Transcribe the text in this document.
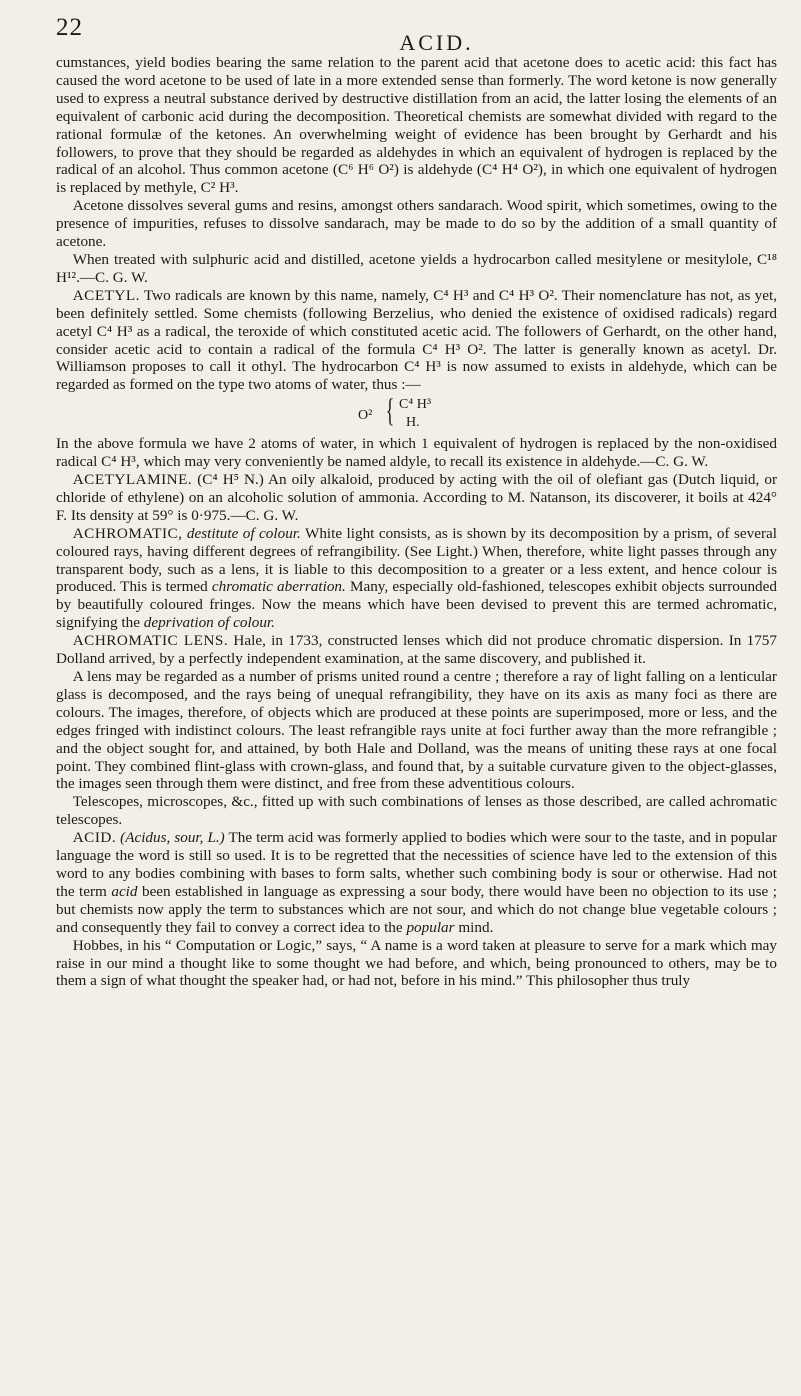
22
ACID.

cumstances, yield bodies bearing the same relation to the parent acid that acetone does to acetic acid: this fact has caused the word acetone to be used of late in a more extended sense than formerly. The word ketone is now generally used to express a neutral substance derived by destructive distillation from an acid, the latter losing the elements of an equivalent of carbonic acid during the decomposition. Theoretical chemists are somewhat divided with regard to the rational formulæ of the ketones. An overwhelming weight of evidence has been brought by Gerhardt and his followers, to prove that they should be regarded as aldehydes in which an equivalent of hydrogen is replaced by the radical of an alcohol. Thus common acetone (C⁶ H⁶ O²) is aldehyde (C⁴ H⁴ O²), in which one equivalent of hydrogen is replaced by methyle, C² H³.

Acetone dissolves several gums and resins, amongst others sandarach. Wood spirit, which sometimes, owing to the presence of impurities, refuses to dissolve sandarach, may be made to do so by the addition of a small quantity of acetone.

When treated with sulphuric acid and distilled, acetone yields a hydrocarbon called mesitylene or mesitylole, C¹⁸ H¹².—C. G. W.

ACETYL. Two radicals are known by this name, namely, C⁴ H³ and C⁴ H³ O². Their nomenclature has not, as yet, been definitely settled. Some chemists (following Berzelius, who denied the existence of oxidised radicals) regard acetyl C⁴ H³ as a radical, the teroxide of which constituted acetic acid. The followers of Gerhardt, on the other hand, consider acetic acid to contain a radical of the formula C⁴ H³ O². The latter is generally known as acetyl. Dr. Williamson proposes to call it othyl. The hydrocarbon C⁴ H³ is now assumed to exists in aldehyde, which can be regarded as formed on the type two atoms of water, thus :—

O² { C⁴ H³
H.

In the above formula we have 2 atoms of water, in which 1 equivalent of hydrogen is replaced by the non-oxidised radical C⁴ H³, which may very conveniently be named aldyle, to recall its existence in aldehyde.—C. G. W.

ACETYLAMINE. (C⁴ H⁵ N.) An oily alkaloid, produced by acting with the oil of olefiant gas (Dutch liquid, or chloride of ethylene) on an alcoholic solution of ammonia. According to M. Natanson, its discoverer, it boils at 424° F. Its density at 59° is 0·975.—C. G. W.

ACHROMATIC, destitute of colour. White light consists, as is shown by its decomposition by a prism, of several coloured rays, having different degrees of refrangibility. (See Light.) When, therefore, white light passes through any transparent body, such as a lens, it is liable to this decomposition to a greater or a less extent, and hence colour is produced. This is termed chromatic aberration. Many, especially old-fashioned, telescopes exhibit objects surrounded by beautifully coloured fringes. Now the means which have been devised to prevent this are termed achromatic, signifying the deprivation of colour.

ACHROMATIC LENS. Hale, in 1733, constructed lenses which did not produce chromatic dispersion. In 1757 Dolland arrived, by a perfectly independent examination, at the same discovery, and published it.

A lens may be regarded as a number of prisms united round a centre ; therefore a ray of light falling on a lenticular glass is decomposed, and the rays being of unequal refrangibility, they have on its axis as many foci as there are colours. The images, therefore, of objects which are produced at these points are superimposed, more or less, and the edges fringed with indistinct colours. The least refrangible rays unite at foci further away than the more refrangible ; and the object sought for, and attained, by both Hale and Dolland, was the means of uniting these rays at one focal point. They combined flint-glass with crown-glass, and found that, by a suitable curvature given to the object-glasses, the images seen through them were distinct, and free from these adventitious colours.

Telescopes, microscopes, &c., fitted up with such combinations of lenses as those described, are called achromatic telescopes.

ACID. (Acidus, sour, L.) The term acid was formerly applied to bodies which were sour to the taste, and in popular language the word is still so used. It is to be regretted that the necessities of science have led to the extension of this word to any bodies combining with bases to form salts, whether such combining body is sour or otherwise. Had not the term acid been established in language as expressing a sour body, there would have been no objection to its use ; but chemists now apply the term to substances which are not sour, and which do not change blue vegetable colours ; and consequently they fail to convey a correct idea to the popular mind.

Hobbes, in his “ Computation or Logic,” says, “ A name is a word taken at pleasure to serve for a mark which may raise in our mind a thought like to some thought we had before, and which, being pronounced to others, may be to them a sign of what thought the speaker had, or had not, before in his mind.” This philosopher thus truly
